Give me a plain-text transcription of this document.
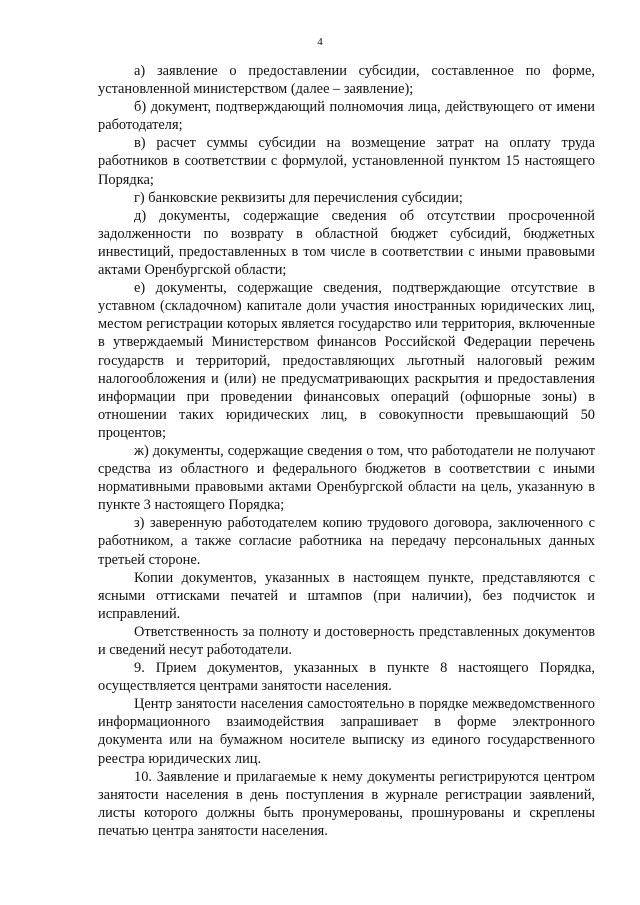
4

а) заявление о предоставлении субсидии, составленное по форме, установленной министерством (далее – заявление);

б) документ, подтверждающий полномочия лица, действующего от имени работодателя;

в) расчет суммы субсидии на возмещение затрат на оплату труда работников в соответствии с формулой, установленной пунктом 15 настоящего Порядка;

г) банковские реквизиты для перечисления субсидии;

д) документы, содержащие сведения об отсутствии просроченной задолженности по возврату в областной бюджет субсидий, бюджетных инвестиций, предоставленных в том числе в соответствии с иными правовыми актами Оренбургской области;

е) документы, содержащие сведения, подтверждающие отсутствие в уставном (складочном) капитале доли участия иностранных юридических лиц, местом регистрации которых является государство или территория, включенные в утверждаемый Министерством финансов Российской Федерации перечень государств и территорий, предоставляющих льготный налоговый режим налогообложения и (или) не предусматривающих раскрытия и предоставления информации при проведении финансовых операций (офшорные зоны) в отношении таких юридических лиц, в совокупности превышающий 50 процентов;

ж) документы, содержащие сведения о том, что работодатели не получают средства из областного и федерального бюджетов в соответствии с иными нормативными правовыми актами Оренбургской области на цель, указанную в пункте 3 настоящего Порядка;

з) заверенную работодателем копию трудового договора, заключенного с работником, а также согласие работника на передачу персональных данных третьей стороне.

Копии документов, указанных в настоящем пункте, представляются с ясными оттисками печатей и штампов (при наличии), без подчисток и исправлений.

Ответственность за полноту и достоверность представленных документов и сведений несут работодатели.

9. Прием документов, указанных в пункте 8 настоящего Порядка, осуществляется центрами занятости населения.

Центр занятости населения самостоятельно в порядке межведомственного информационного взаимодействия запрашивает в форме электронного документа или на бумажном носителе выписку из единого государственного реестра юридических лиц.

10. Заявление и прилагаемые к нему документы регистрируются центром занятости населения в день поступления в журнале регистрации заявлений, листы которого должны быть пронумерованы, прошнурованы и скреплены печатью центра занятости населения.
